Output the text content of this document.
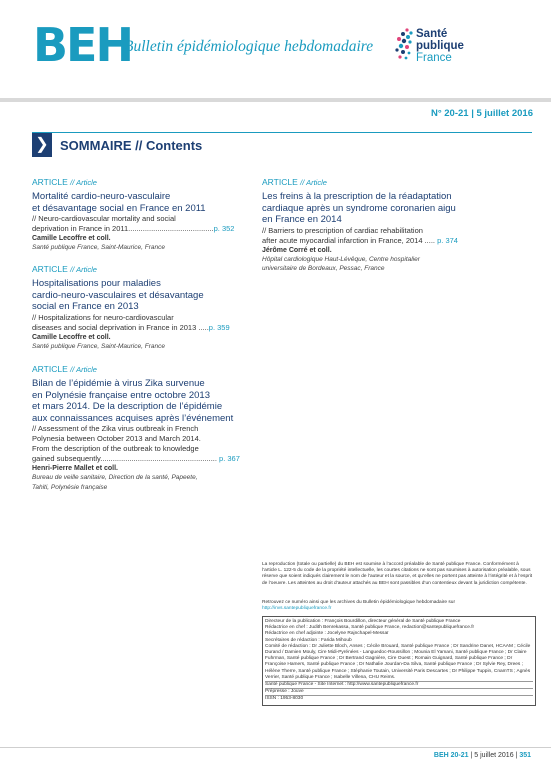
BEH
Bulletin épidémiologique hebdomadaire
Santé
publique
France
N° 20-21 | 5 juillet 2016
❯ SOMMAIRE // Contents
ARTICLE // Article
Mortalité cardio-neuro-vasculaire
et désavantage social en France en 2011
// Neuro-cardiovascular mortality and social
deprivation in France in 2011.........................................p. 352
Camille Lecoffre et coll.
Santé publique France, Saint-Maurice, France
ARTICLE // Article
Hospitalisations pour maladies
cardio-neuro-vasculaires et désavantage
social en France en 2013
// Hospitalizations for neuro-cardiovascular
diseases and social deprivation in France in 2013 .....p. 359
Camille Lecoffre et coll.
Santé publique France, Saint-Maurice, France
ARTICLE // Article
Bilan de l’épidémie à virus Zika survenue
en Polynésie française entre octobre 2013
et mars 2014. De la description de l’épidémie
aux connaissances acquises après l’événement
// Assessment of the Zika virus outbreak in French
Polynesia between October 2013 and March 2014.
From the description of the outbreak to knowledge
gained subsequently........................................................ p. 367
Henri-Pierre Mallet et coll.
Bureau de veille sanitaire, Direction de la santé, Papeete,
Tahiti, Polynésie française
ARTICLE // Article
Les freins à la prescription de la réadaptation
cardiaque après un syndrome coronarien aigu
en France en 2014
// Barriers to prescription of cardiac rehabilitation
after acute myocardial infarction in France, 2014 ..... p. 374
Jérôme Corré et coll.
Hôpital cardiologique Haut-Lévêque, Centre hospitalier
universitaire de Bordeaux, Pessac, France
La reproduction (totale ou partielle) du BEH est soumise à l’accord préalable de Santé publique France. Conformément à l’article L. 122-5 du code de la propriété intellectuelle, les courtes citations ne sont pas soumises à autorisation préalable, sous réserve que soient indiqués clairement le nom de l’auteur et la source, et qu’elles ne portent pas atteinte à l’intégrité et à l’esprit de l’oeuvre. Les atteintes au droit d’auteur attachés au BEH sont passibles d’un contentieux devant la juridiction compétente.
Retrouvez ce numéro ainsi que les archives du Bulletin épidémiologique hebdomadaire sur
http://invs.santepubliquefrance.fr
Directeur de la publication : François Bourdillon, directeur général de Santé publique France
Rédactrice en chef : Judith Benrekassa, Santé publique France, redaction@santepubliquefrance.fr
Rédactrice en chef adjointe : Jocelyne Rajnchapel-Messaï
Secrétaires de rédaction : Farida Mihoub
Comité de rédaction : Dr Juliette Bloch, Anses ; Cécile Brouard, Santé publique France ; Dr Sandrine Danet, HCAAM ; Cécile Durand / Damien Mouly, Cire Midi-Pyrénées - Languedoc-Roussillon ; Mounia El Yamani, Santé publique France ; Dr Claire Fuhrman, Santé publique France ; Dr Bertrand Gagnière, Cire Ouest ; Romain Guignard, Santé publique France ; Dr Françoise Hamers, Santé publique France ; Dr Nathalie Jourdan-Da Silva, Santé publique France ; Dr Sylvie Rey, Drees ; Hélène Therre, Santé publique France ; Stéphanie Toutain, Université Paris Descartes ; Dr Philippe Tuppin, CnamTS ; Agnès Verrier, Santé publique France ; Isabelle Villena, CHU Reims.
Santé publique France - Site Internet : http://www.santepubliquefrance.fr
Prépresse : Jouve
ISSN : 1953-8030
BEH 20-21 | 5 juillet 2016 | 351
